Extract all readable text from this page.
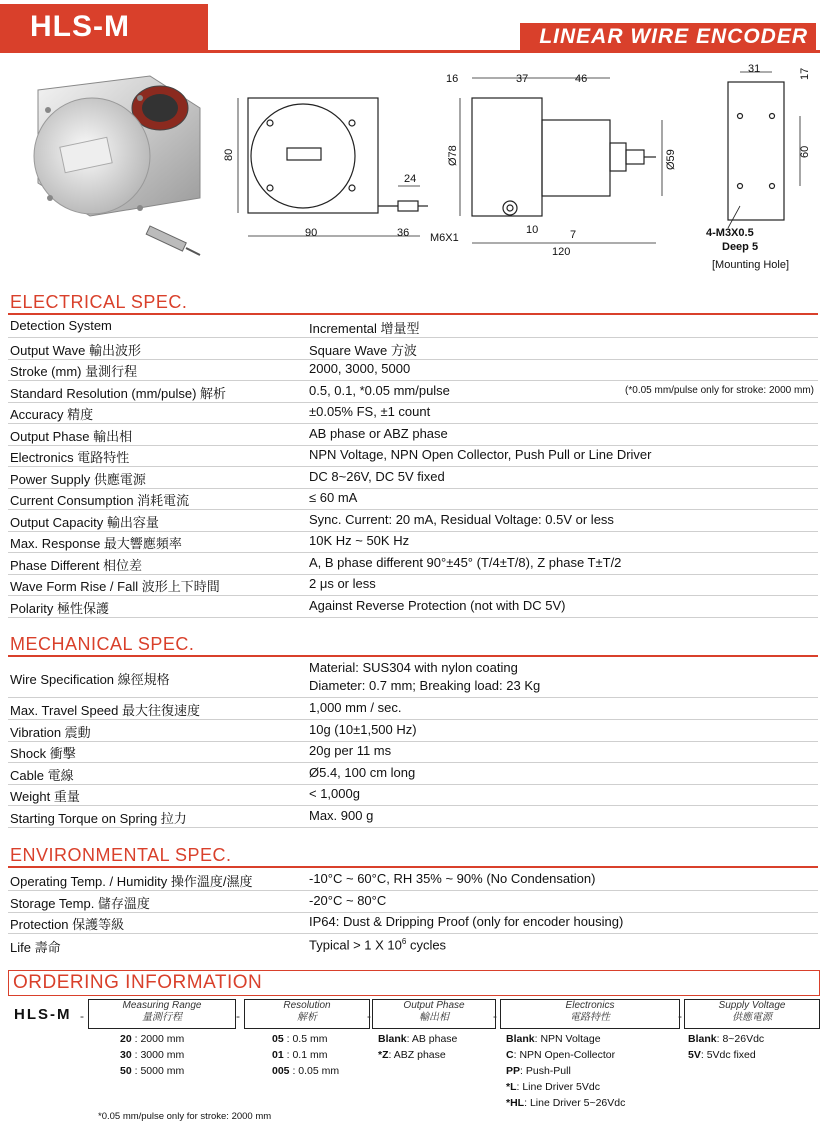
HLS-M	LINEAR WIRE ENCODER
80
90	36
24
M6X1
16	37	46
Ø78	Ø59
10	7
120
31	17
60
4-M3X0.5
Deep 5
[Mounting Hole]
ELECTRICAL SPEC.
Detection System	Incremental 增量型
Output Wave 輸出波形	Square Wave 方波
Stroke (mm) 量測行程	2000, 3000, 5000
Standard Resolution (mm/pulse) 解析	0.5, 0.1, *0.05 mm/pulse	(*0.05 mm/pulse only for stroke: 2000 mm)
Accuracy 精度	±0.05% FS, ±1 count
Output Phase 輸出相	AB phase or ABZ phase
Electronics 電路特性	NPN Voltage, NPN Open Collector, Push Pull or Line Driver
Power Supply 供應電源	DC 8~26V, DC 5V fixed
Current Consumption 消耗電流	≤ 60 mA
Output Capacity 輸出容量	Sync. Current: 20 mA, Residual Voltage: 0.5V or less
Max. Response 最大響應頻率	10K Hz ~ 50K Hz
Phase Different 相位差	A, B phase different 90°±45° (T/4±T/8), Z phase T±T/2
Wave Form Rise / Fall 波形上下時間	2 μs or less
Polarity 極性保護	Against Reverse Protection (not with DC 5V)
MECHANICAL SPEC.
Wire Specification 線徑規格
Material: SUS304 with nylon coating
Diameter: 0.7 mm; Breaking load: 23 Kg
Max. Travel Speed 最大往復速度	1,000 mm / sec.
Vibration 震動	10g (10±1,500 Hz)
Shock 衝擊	20g per 11 ms
Cable 電線	Ø5.4, 100 cm long
Weight 重量	< 1,000g
Starting Torque on Spring 拉力	Max. 900 g
ENVIRONMENTAL SPEC.
Operating Temp. / Humidity 操作溫度/濕度	-10°C ~ 60°C, RH 35% ~ 90% (No Condensation)
Storage Temp. 儲存溫度	-20°C ~ 80°C
Protection 保護等級	IP64: Dust & Dripping Proof (only for encoder housing)
Life 壽命	Typical > 1 X $10^6$ cycles
ORDERING INFORMATION
HLS-M
Measuring Range
量測行程
Resolution
解析
Output Phase
輸出相
Electronics
電路特性
Supply Voltage
供應電源
-	-	-	-	-
20 : 2000 mm
30 : 3000 mm
50 : 5000 mm
05 : 0.5 mm
01 : 0.1 mm
005 : 0.05 mm
Blank: AB phase
*Z: ABZ phase
Blank: NPN Voltage
C: NPN Open-Collector
PP: Push-Pull
*L: Line Driver 5Vdc
*HL: Line Driver 5~26Vdc
Blank: 8~26Vdc
5V: 5Vdc fixed
*0.05 mm/pulse only for stroke: 2000 mm
